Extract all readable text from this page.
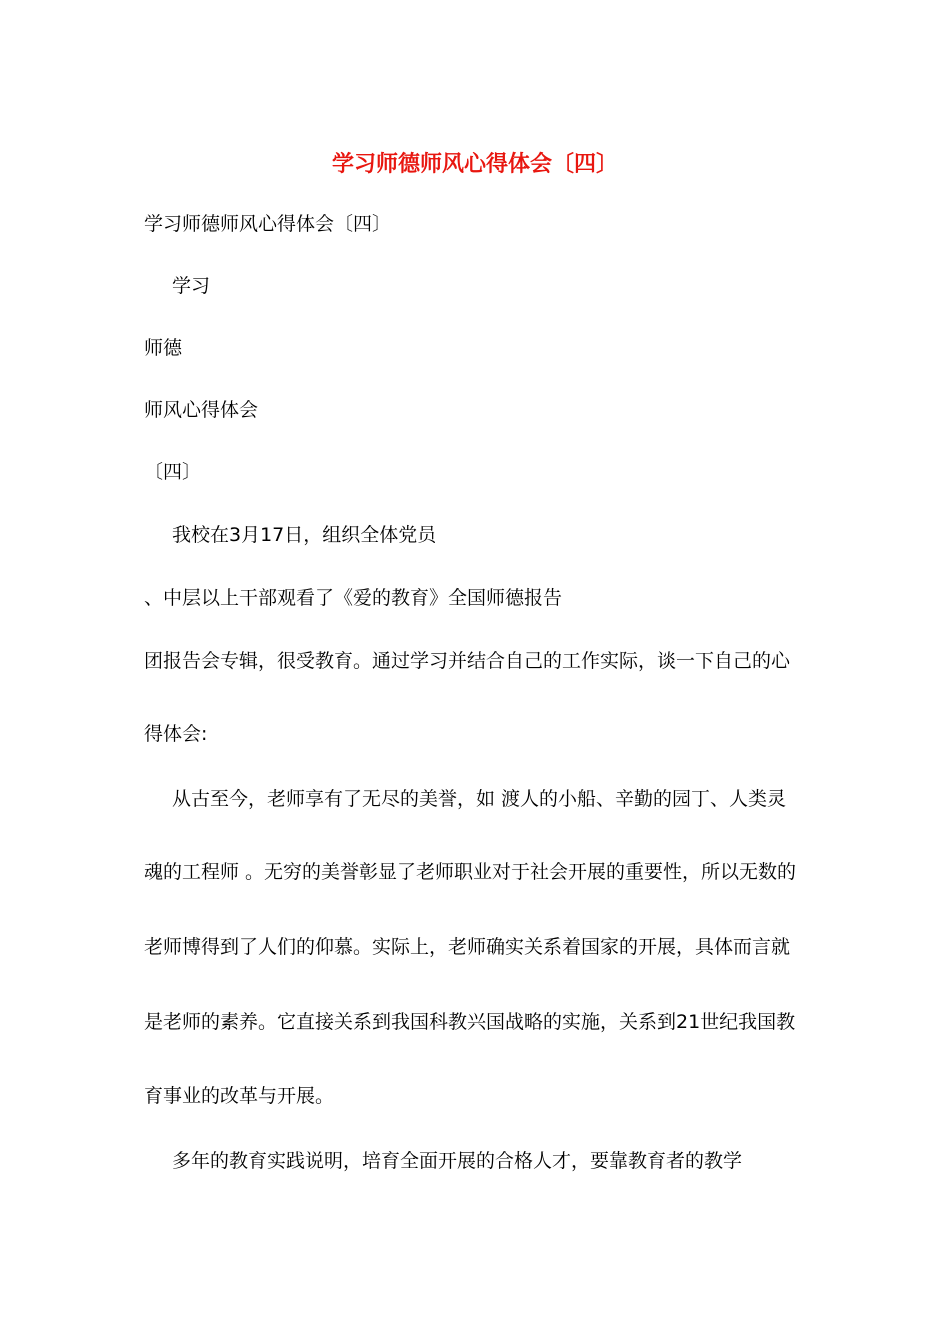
学习师德师风心得体会〔四〕
学习师德师风心得体会〔四〕
学习
师德
师风心得体会
〔四〕
我校在3月17日，组织全体党员
、中层以上干部观看了《爱的教育》全国师德报告
团报告会专辑，很受教育。通过学习并结合自己的工作实际，谈一下自己的心
得体会:
从古至今，老师享有了无尽的美誉，如 渡人的小船、辛勤的园丁、人类灵
魂的工程师 。无穷的美誉彰显了老师职业对于社会开展的重要性，所以无数的
老师博得到了人们的仰慕。实际上，老师确实关系着国家的开展，具体而言就
是老师的素养。它直接关系到我国科教兴国战略的实施，关系到21世纪我国教
育事业的改革与开展。
多年的教育实践说明，培育全面开展的合格人才，要靠教育者的教学
